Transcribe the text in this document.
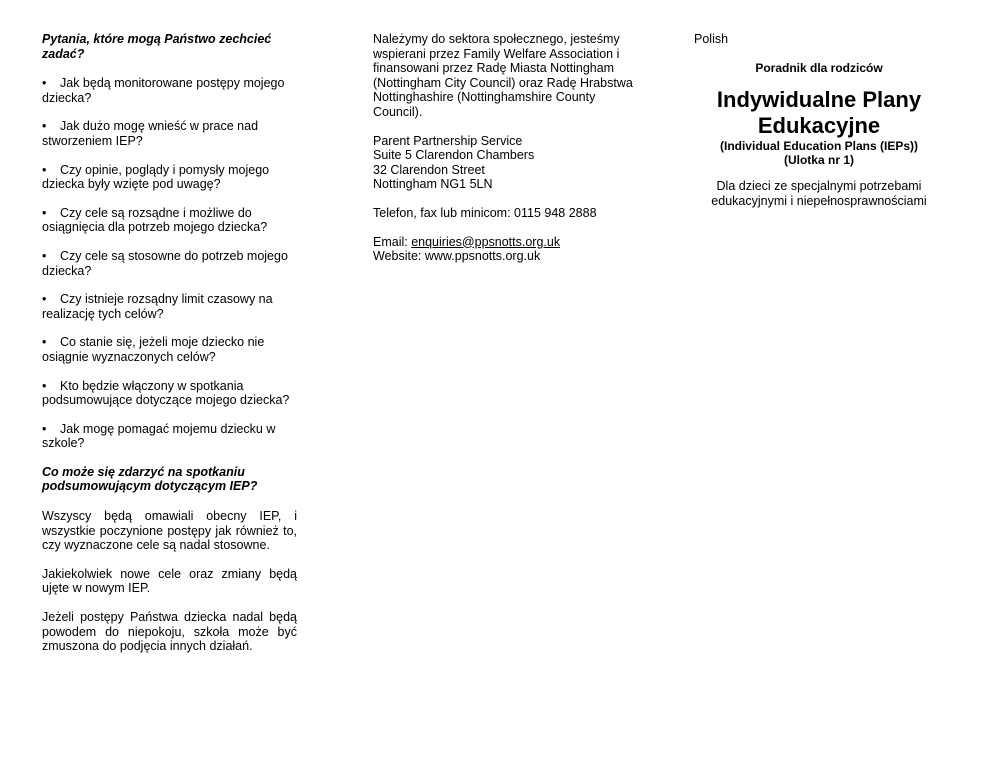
Pytania, które mogą Państwo zechcieć zadać?

• Jak będą monitorowane postępy mojego dziecka?

• Jak dużo mogę wnieść w prace nad stworzeniem IEP?

• Czy opinie, poglądy i pomysły mojego dziecka były wzięte pod uwagę?

• Czy cele są rozsądne i możliwe do osiągnięcia dla potrzeb mojego dziecka?

• Czy cele są stosowne do potrzeb mojego dziecka?

• Czy istnieje rozsądny limit czasowy na realizację tych celów?

• Co stanie się, jeżeli moje dziecko nie osiągnie wyznaczonych celów?

• Kto będzie włączony w spotkania podsumowujące dotyczące mojego dziecka?

• Jak mogę pomagać mojemu dziecku w szkole?

Co może się zdarzyć na spotkaniu podsumowującym dotyczącym IEP?

Wszyscy będą omawiali obecny IEP, i wszystkie poczynione postępy jak również to, czy wyznaczone cele są nadal stosowne.

Jakiekolwiek nowe cele oraz zmiany będą ujęte w nowym IEP.

Jeżeli postępy Państwa dziecka nadal będą powodem do niepokoju, szkoła może być zmuszona do podjęcia innych działań.

Należymy do sektora społecznego, jesteśmy wspierani przez Family Welfare Association i finansowani przez Radę Miasta Nottingham (Nottingham City Council) oraz Radę Hrabstwa Nottinghashire (Nottinghamshire County Council).

Parent Partnership Service
Suite 5 Clarendon Chambers
32 Clarendon Street
Nottingham NG1 5LN

Telefon, fax lub minicom: 0115 948 2888

Email: enquiries@ppsnotts.org.uk
Website: www.ppsnotts.org.uk

Polish

Poradnik dla rodziców

Indywidualne Plany
Edukacyjne

(Individual Education Plans (IEPs))

(Ulotka nr 1)

Dla dzieci ze specjalnymi potrzebami edukacyjnymi i niepełnosprawnościami
